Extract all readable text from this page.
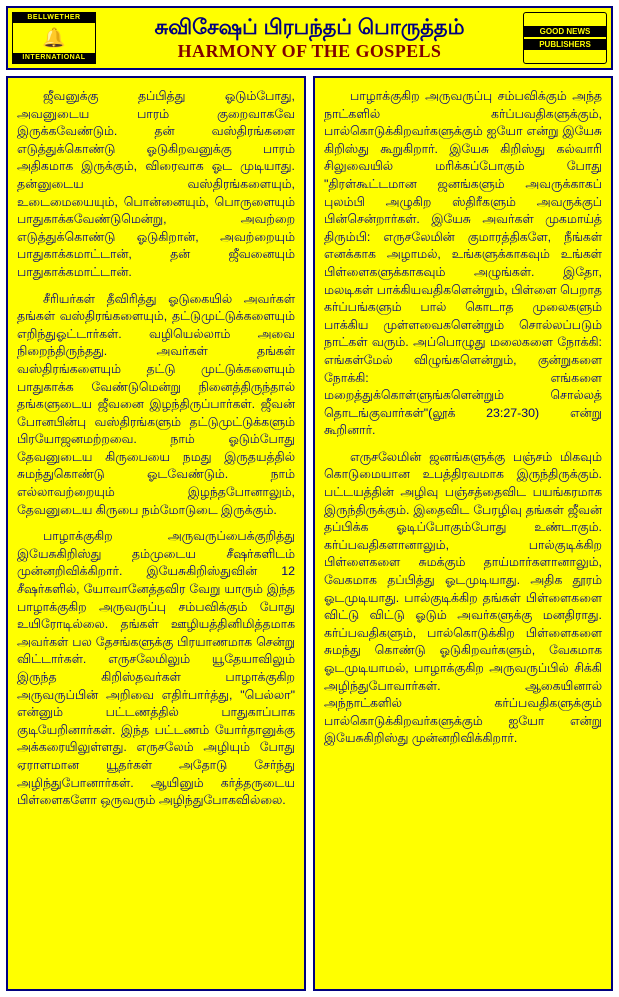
BELLWETHER
🔔
INTERNATIONAL
சுவிசேஷப் பிரபந்தப் பொருத்தம்
HARMONY OF THE GOSPELS
GOOD NEWS
PUBLISHERS

ஜீவனுக்கு தப்பித்து ஓடும்போது, அவனுடைய பாரம் குறைவாகவே இருக்கவேண்டும். தன் வஸ்திரங்களை எடுத்துக்கொண்டு ஓடுகிறவனுக்கு பாரம் அதிகமாக இருக்கும், விரைவாக ஓட முடியாது. தன்னுடைய வஸ்திரங்களையும், உடைமையையும், பொன்னையும், பொருளையும் பாதுகாக்கவேண்டுமென்று, அவற்றை எடுத்துக்கொண்டு ஓடுகிறான், அவற்றையும் பாதுகாக்கமாட்டான், தன் ஜீவனையும் பாதுகாக்கமாட்டான்.

சீரியர்கள் தீவிரித்து ஓடுகையில் அவர்கள் தங்கள் வஸ்திரங்களையும், தட்டுமுட்டுக்களையும் எறிந்துஓட்டார்கள். வழியெல்லாம் அவை நிறைந்திருந்தது. அவர்கள் தங்கள் வஸ்திரங்களையும் தட்டு முட்டுக்களையும் பாதுகாக்க வேண்டுமென்று நினைத்திருந்தால் தங்களுடைய ஜீவனை இழந்திருப்பார்கள். ஜீவன் போனபின்பு வஸ்திரங்களும் தட்டுமுட்டுக்களும் பிரயோஜனமற்றவை. நாம் ஓடும்போது தேவனுடைய கிருபையை நமது இருதயத்தில் சுமந்துகொண்டு ஓடவேண்டும். நாம் எல்லாவற்றையும் இழந்தபோனாலும், தேவனுடைய கிருபை நம்மோடுடை இருக்கும்.

பாழாக்குகிற அருவருப்பைக்குறித்து இயேசுகிறிஸ்து தம்முடைய சீஷர்களிடம் முன்னறிவிக்கிறார். இயேசுகிறிஸ்துவின் 12 சீஷர்களில், யோவானேத்தவிர வேறு யாரும் இந்த பாழாக்குகிற அருவருப்பு சம்பவிக்கும் போது உயிரோடில்லை. தங்கள் ஊழியத்தினிமித்தமாக அவர்கள் பல தேசங்களுக்கு பிரயாணமாக சென்று விட்டார்கள். எருசலேமிலும் யூதேயாவிலும் இருந்த கிறிஸ்தவர்கள் பாழாக்குகிற அருவருப்பின் அறிவை எதிர்பார்த்து, "பெல்லா" என்னும் பட்டணத்தில் பாதுகாப்பாக குடியேறினார்கள். இந்த பட்டணம் யோர்தானுக்கு அக்கரையிலுள்ளது. எருசலேம் அழியும் போது ஏராளமான யூதர்கள் அதோடு சேர்ந்து அழிந்துபோனார்கள். ஆயினும் கர்த்தருடைய பிள்ளைகளோ ஒருவரும் அழிந்துபோகவில்லை.

பாழாக்குகிற அருவருப்பு சம்பவிக்கும் அந்த நாட்களில் கர்ப்பவதிகளுக்கும், பால்கொடுக்கிறவர்களுக்கும் ஐயோ என்று இயேசு கிறிஸ்து கூறுகிறார். இயேசு கிறிஸ்து கல்வாரி சிலுவையில் மரிக்கப்போகும் போது "திரள்கூட்டமான ஜனங்களும் அவருக்காகப் புலம்பி அழுகிற ஸ்திரீகளும் அவருக்குப் பின்சென்றார்கள். இயேசு அவர்கள் முகமாய்த் திரும்பி: எருசலேமின் குமாரத்திகளே, நீங்கள் எனக்காக அழாமல், உங்களுக்காகவும் உங்கள் பிள்ளைகளுக்காகவும் அழுங்கள். இதோ, மலடிகள் பாக்கியவதிகளென்றும், பிள்ளை பெறாத கர்ப்பங்களும் பால் கொடாத முலைகளும் பாக்கிய முள்ளவைகளென்றும் சொல்லப்படும் நாட்கள் வரும். அப்பொழுது மலைகளை நோக்கி: எங்கள்மேல் விழுங்களென்றும், குன்றுகளை நோக்கி: எங்களை மறைத்துக்கொள்ளுங்களென்றும் சொல்லத் தொடங்குவார்கள்"(லூக் 23:27-30) என்று கூறினார்.

எருசலேமின் ஜனங்களுக்கு பஞ்சம் மிகவும் கொடுமையான உபத்திரவமாக இருந்திருக்கும். பட்டயத்தின் அழிவு பஞ்சத்தைவிட பயங்கரமாக இருந்திருக்கும். இதைவிட பேரழிவு தங்கள் ஜீவன் தப்பிக்க ஓடிப்போகும்போது உண்டாகும். கர்ப்பவதிகளானாலும், பால்குடிக்கிற பிள்ளைகளை சுமக்கும் தாய்மார்களானாலும், வேகமாக தப்பித்து ஓடமுடியாது. அதிக தூரம் ஓடமுடியாது. பால்குடிக்கிற தங்கள் பிள்ளைகளை விட்டு விட்டு ஓடும் அவர்களுக்கு மனதிராது. கர்ப்பவதிகளும், பால்கொடுக்கிற பிள்ளைகளை சுமந்து கொண்டு ஓடுகிறவர்களும், வேகமாக ஓடமுடியாமல், பாழாக்குகிற அருவருப்பில் சிக்கி அழிந்துபோவார்கள். ஆகையினால் அந்நாட்களில் கர்ப்பவதிகளுக்கும் பால்கொடுக்கிறவர்களுக்கும் ஐயோ என்று இயேசுகிறிஸ்து முன்னறிவிக்கிறார்.
